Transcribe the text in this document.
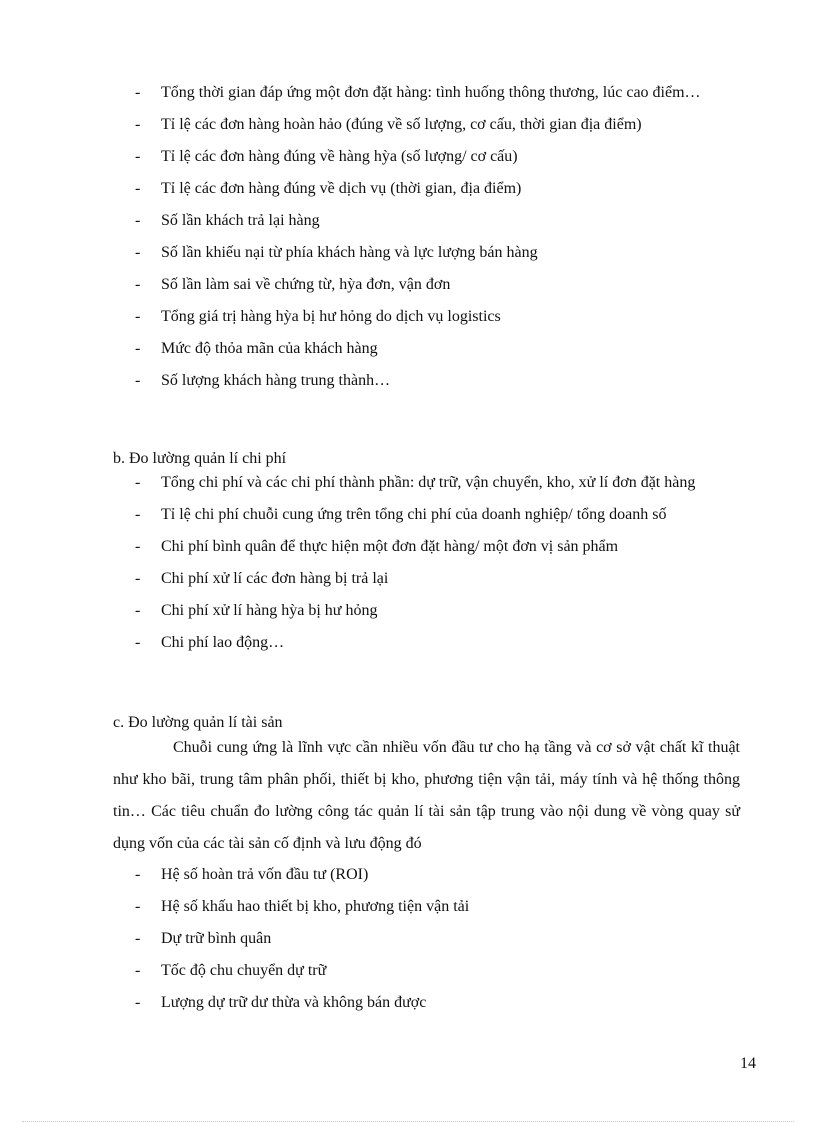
- Tổng thời gian đáp ứng một đơn đặt hàng: tình huống thông thương, lúc cao điểm…
- Tỉ lệ các đơn hàng hoàn hảo (đúng về số lượng, cơ cấu, thời gian địa điểm)
- Tỉ lệ các đơn hàng đúng về hàng hỳa (số lượng/ cơ cấu)
- Tỉ lệ các đơn hàng đúng về dịch vụ (thời gian, địa điểm)
- Số lần khách trả lại hàng
- Số lần khiếu nại từ phía khách hàng và lực lượng bán hàng
- Số lần làm sai về chứng từ, hỳa đơn, vận đơn
- Tổng giá trị hàng hỳa bị hư hỏng do dịch vụ logistics
- Mức độ thỏa mãn của khách hàng
- Số lượng khách hàng trung thành…
b. Đo lường quản lí chi phí
- Tổng chi phí và các chi phí thành phần: dự trữ, vận chuyển, kho, xử lí đơn đặt hàng
- Tỉ lệ chi phí chuỗi cung ứng trên tổng chi phí của doanh nghiệp/ tổng doanh số
- Chi phí bình quân để thực hiện một đơn đặt hàng/ một đơn vị sản phẩm
- Chi phí xử lí các đơn hàng bị trả lại
- Chi phí xử lí hàng hỳa bị hư hỏng
- Chi phí lao động…
c. Đo lường quản lí tài sản

Chuỗi cung ứng là lĩnh vực cần nhiều vốn đầu tư cho hạ tầng và cơ sở vật chất kĩ thuật như kho bãi, trung tâm phân phối, thiết bị kho, phương tiện vận tải, máy tính và hệ thống thông tin… Các tiêu chuẩn đo lường công tác quản lí tài sản tập trung vào nội dung về vòng quay sử dụng vốn của các tài sản cố định và lưu động đó

- Hệ số hoàn trả vốn đầu tư (ROI)
- Hệ số khấu hao thiết bị kho, phương tiện vận tải
- Dự trữ bình quân
- Tốc độ chu chuyển dự trữ
- Lượng dự trữ dư thừa và không bán được
14
